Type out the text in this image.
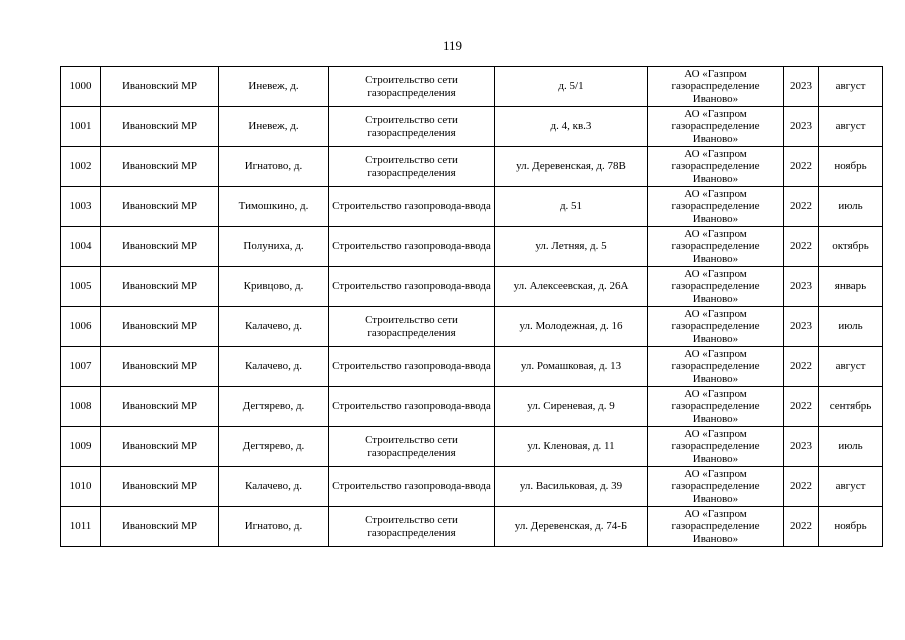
119
1000	Ивановский МР	Иневеж, д.	Строительство сети газораспределения	д. 5/1	АО «Газпром газораспределение Иваново»	2023	август
1001	Ивановский МР	Иневеж, д.	Строительство сети газораспределения	д. 4, кв.3	АО «Газпром газораспределение Иваново»	2023	август
1002	Ивановский МР	Игнатово, д.	Строительство сети газораспределения	ул. Деревенская, д. 78В	АО «Газпром газораспределение Иваново»	2022	ноябрь
1003	Ивановский МР	Тимошкино, д.	Строительство газопровода-ввода	д. 51	АО «Газпром газораспределение Иваново»	2022	июль
1004	Ивановский МР	Полуниха, д.	Строительство газопровода-ввода	ул. Летняя, д. 5	АО «Газпром газораспределение Иваново»	2022	октябрь
1005	Ивановский МР	Кривцово, д.	Строительство газопровода-ввода	ул. Алексеевская, д. 26А	АО «Газпром газораспределение Иваново»	2023	январь
1006	Ивановский МР	Калачево, д.	Строительство сети газораспределения	ул. Молодежная, д. 16	АО «Газпром газораспределение Иваново»	2023	июль
1007	Ивановский МР	Калачево, д.	Строительство газопровода-ввода	ул. Ромашковая, д. 13	АО «Газпром газораспределение Иваново»	2022	август
1008	Ивановский МР	Дегтярево, д.	Строительство газопровода-ввода	ул. Сиреневая, д. 9	АО «Газпром газораспределение Иваново»	2022	сентябрь
1009	Ивановский МР	Дегтярево, д.	Строительство сети газораспределения	ул. Кленовая, д. 11	АО «Газпром газораспределение Иваново»	2023	июль
1010	Ивановский МР	Калачево, д.	Строительство газопровода-ввода	ул. Васильковая, д. 39	АО «Газпром газораспределение Иваново»	2022	август
1011	Ивановский МР	Игнатово, д.	Строительство сети газораспределения	ул. Деревенская, д. 74-Б	АО «Газпром газораспределение Иваново»	2022	ноябрь
